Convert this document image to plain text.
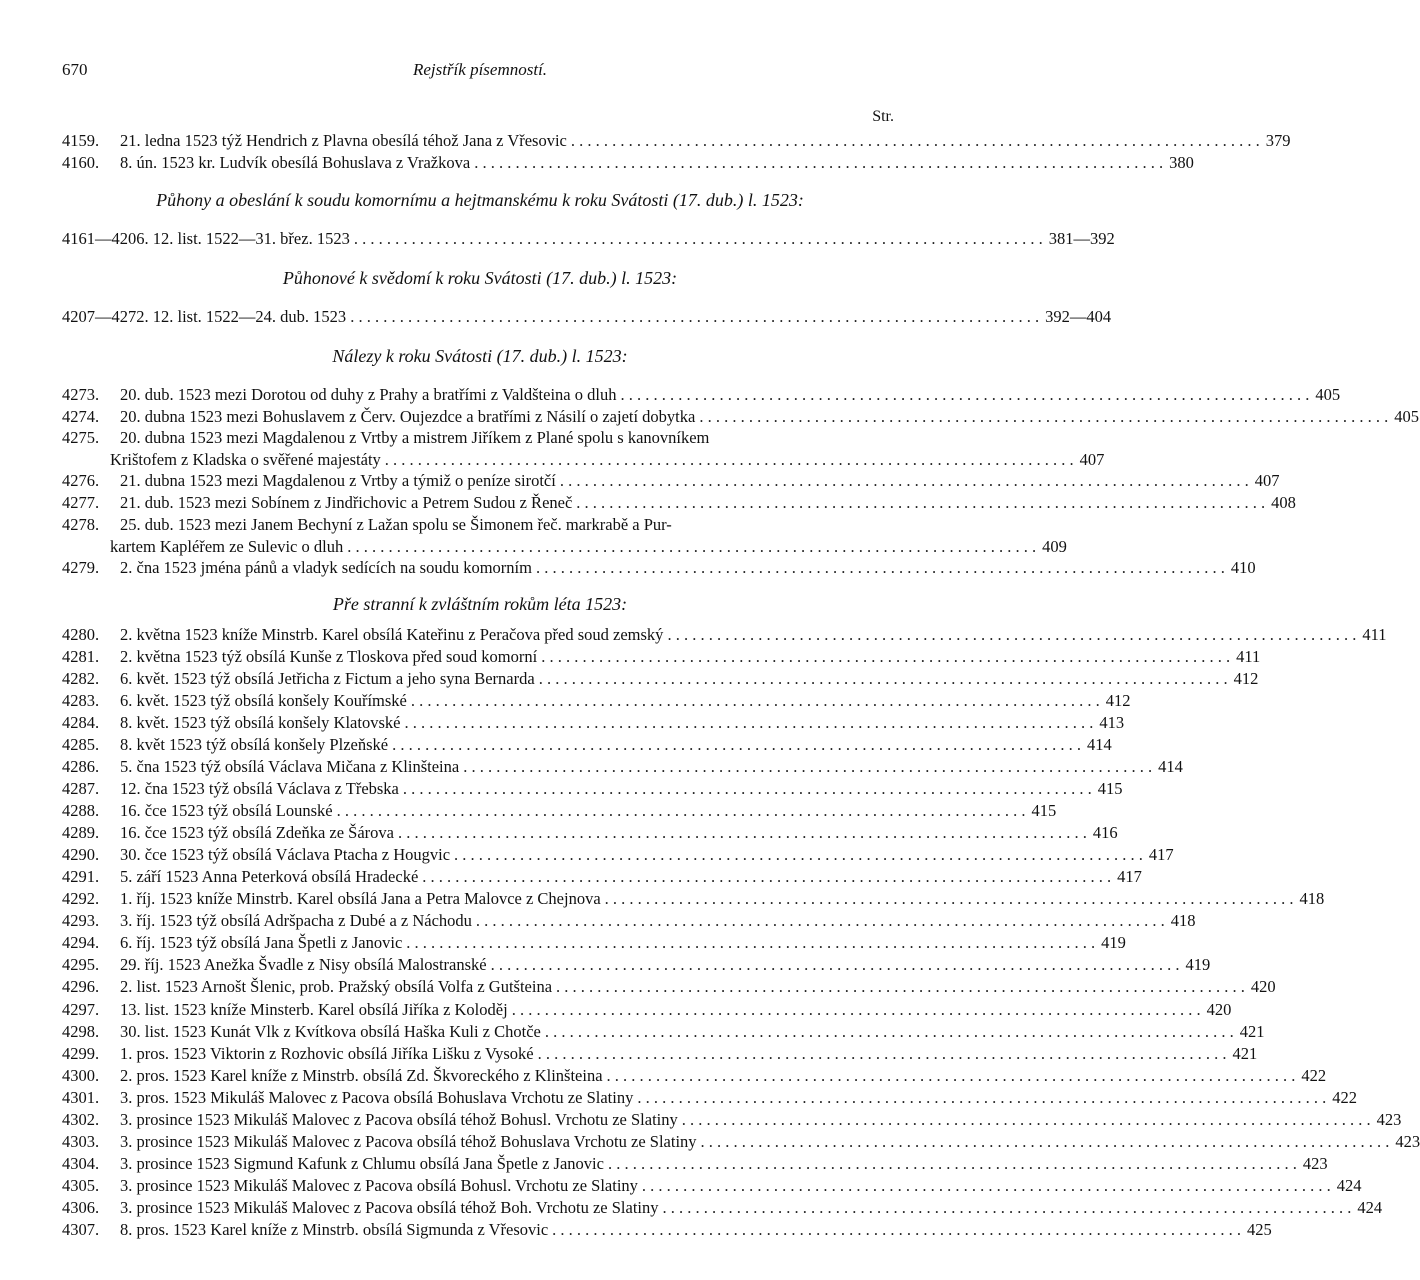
670	Rejstřík písemností.
Str.
4159. 21. ledna 1523 týž Hendrich z Plavna obesílá téhož Jana z Vřesovic . . .	379
4160. 8. ún. 1523 kr. Ludvík obesílá Bohuslava z Vražkova . . .	380
Půhony a obeslání k soudu komornímu a hejtmanskému k roku Svátosti (17. dub.) l. 1523:
4161—4206. 12. list. 1522—31. břez. 1523 . . .	381—392
Půhonové k svědomí k roku Svátosti (17. dub.) l. 1523:
4207—4272. 12. list. 1522—24. dub. 1523 . . .	392—404
Nálezy k roku Svátosti (17. dub.) l. 1523:
4273. 20. dub. 1523 mezi Dorotou od duhy z Prahy a bratřími z Valdšteina o dluh . . .	405
4274. 20. dubna 1523 mezi Bohuslavem z Červ. Oujezdce a bratřími z Násilí o zajetí dobytka . . .	405
4275. 20. dubna 1523 mezi Magdalenou z Vrtby a mistrem Jiříkem z Plané spolu s kanovníkem
Krištofem z Kladska o svěřené majestáty . . .	407
4276. 21. dubna 1523 mezi Magdalenou z Vrtby a týmiž o peníze sirotčí . . .	407
4277. 21. dub. 1523 mezi Sobínem z Jindřichovic a Petrem Sudou z Řeneč . . .	408
4278. 25. dub. 1523 mezi Janem Bechyní z Lažan spolu se Šimonem řeč. markrabě a Pur-
kartem Kapléřem ze Sulevic o dluh . . .	409
4279. 2. čna 1523 jména pánů a vladyk sedících na soudu komorním . . .	410
Pře stranní k zvláštním rokům léta 1523:
4280. 2. května 1523 kníže Minstrb. Karel obsílá Kateřinu z Peračova před soud zemský . . .	411
4281. 2. května 1523 týž obsílá Kunše z Tloskova před soud komorní . . .	411
4282. 6. květ. 1523 týž obsílá Jetřicha z Fictum a jeho syna Bernarda . . .	412
4283. 6. květ. 1523 týž obsílá konšely Kouřímské . . .	412
4284. 8. květ. 1523 týž obsílá konšely Klatovské . . .	413
4285. 8. květ 1523 týž obsílá konšely Plzeňské . . .	414
4286. 5. čna 1523 týž obsílá Václava Mičana z Klinšteina . . .	414
4287. 12. čna 1523 týž obsílá Václava z Třebska . . .	415
4288. 16. čce 1523 týž obsílá Lounské . . .	415
4289. 16. čce 1523 týž obsílá Zdeňka ze Šárova . . .	416
4290. 30. čce 1523 týž obsílá Václava Ptacha z Hougvic . . .	417
4291. 5. září 1523 Anna Peterková obsílá Hradecké . . .	417
4292. 1. říj. 1523 kníže Minstrb. Karel obsílá Jana a Petra Malovce z Chejnova . . .	418
4293. 3. říj. 1523 týž obsílá Adršpacha z Dubé a z Náchodu . . .	418
4294. 6. říj. 1523 týž obsílá Jana Špetli z Janovic . . .	419
4295. 29. říj. 1523 Anežka Švadle z Nisy obsílá Malostranské . . .	419
4296. 2. list. 1523 Arnošt Šlenic, prob. Pražský obsílá Volfa z Gutšteina . . .	420
4297. 13. list. 1523 kníže Minsterb. Karel obsílá Jiříka z Koloděj . . .	420
4298. 30. list. 1523 Kunát Vlk z Kvítkova obsílá Haška Kuli z Chotče . . .	421
4299. 1. pros. 1523 Viktorin z Rozhovic obsílá Jiříka Lišku z Vysoké . . .	421
4300. 2. pros. 1523 Karel kníže z Minstrb. obsílá Zd. Škvoreckého z Klinšteina . . .	422
4301. 3. pros. 1523 Mikuláš Malovec z Pacova obsílá Bohuslava Vrchotu ze Slatiny . . .	422
4302. 3. prosince 1523 Mikuláš Malovec z Pacova obsílá téhož Bohusl. Vrchotu ze Slatiny . . .	423
4303. 3. prosince 1523 Mikuláš Malovec z Pacova obsílá téhož Bohuslava Vrchotu ze Slatiny . . .	423
4304. 3. prosince 1523 Sigmund Kafunk z Chlumu obsílá Jana Špetle z Janovic . . .	423
4305. 3. prosince 1523 Mikuláš Malovec z Pacova obsílá Bohusl. Vrchotu ze Slatiny . . .	424
4306. 3. prosince 1523 Mikuláš Malovec z Pacova obsílá téhož Boh. Vrchotu ze Slatiny . . .	424
4307. 8. pros. 1523 Karel kníže z Minstrb. obsílá Sigmunda z Vřesovic . . .	425
